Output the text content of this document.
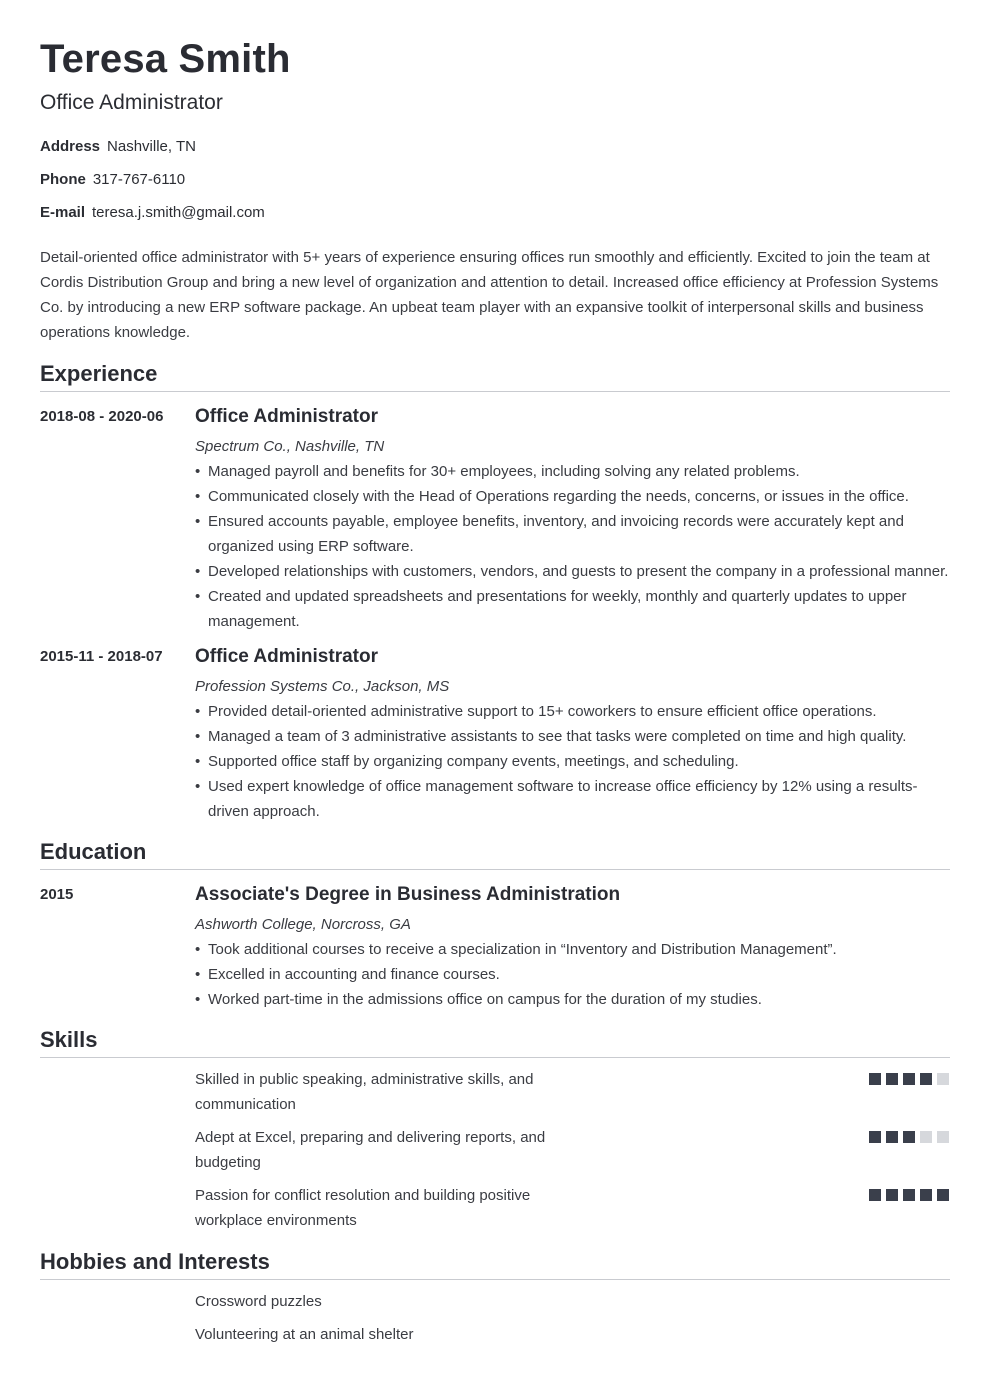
Teresa Smith
Office Administrator
Address Nashville, TN
Phone 317-767-6110
E-mail teresa.j.smith@gmail.com

Detail-oriented office administrator with 5+ years of experience ensuring offices run smoothly and efficiently. Excited to join the team at Cordis Distribution Group and bring a new level of organization and attention to detail. Increased office efficiency at Profession Systems Co. by introducing a new ERP software package. An upbeat team player with an expansive toolkit of interpersonal skills and business operations knowledge.

Experience
2018-08 - 2020-06 Office Administrator
Spectrum Co., Nashville, TN
• Managed payroll and benefits for 30+ employees, including solving any related problems.
• Communicated closely with the Head of Operations regarding the needs, concerns, or issues in the office.
• Ensured accounts payable, employee benefits, inventory, and invoicing records were accurately kept and organized using ERP software.
• Developed relationships with customers, vendors, and guests to present the company in a professional manner.
• Created and updated spreadsheets and presentations for weekly, monthly and quarterly updates to upper management.
2015-11 - 2018-07 Office Administrator
Profession Systems Co., Jackson, MS
• Provided detail-oriented administrative support to 15+ coworkers to ensure efficient office operations.
• Managed a team of 3 administrative assistants to see that tasks were completed on time and high quality.
• Supported office staff by organizing company events, meetings, and scheduling.
• Used expert knowledge of office management software to increase office efficiency by 12% using a results-driven approach.
Education
2015	Associate's Degree in Business Administration
Ashworth College, Norcross, GA
• Took additional courses to receive a specialization in “Inventory and Distribution Management”.
• Excelled in accounting and finance courses.
• Worked part-time in the admissions office on campus for the duration of my studies.
Skills
Skilled in public speaking, administrative skills, and communication
Adept at Excel, preparing and delivering reports, and budgeting
Passion for conflict resolution and building positive workplace environments
Hobbies and Interests
Crossword puzzles
Volunteering at an animal shelter
